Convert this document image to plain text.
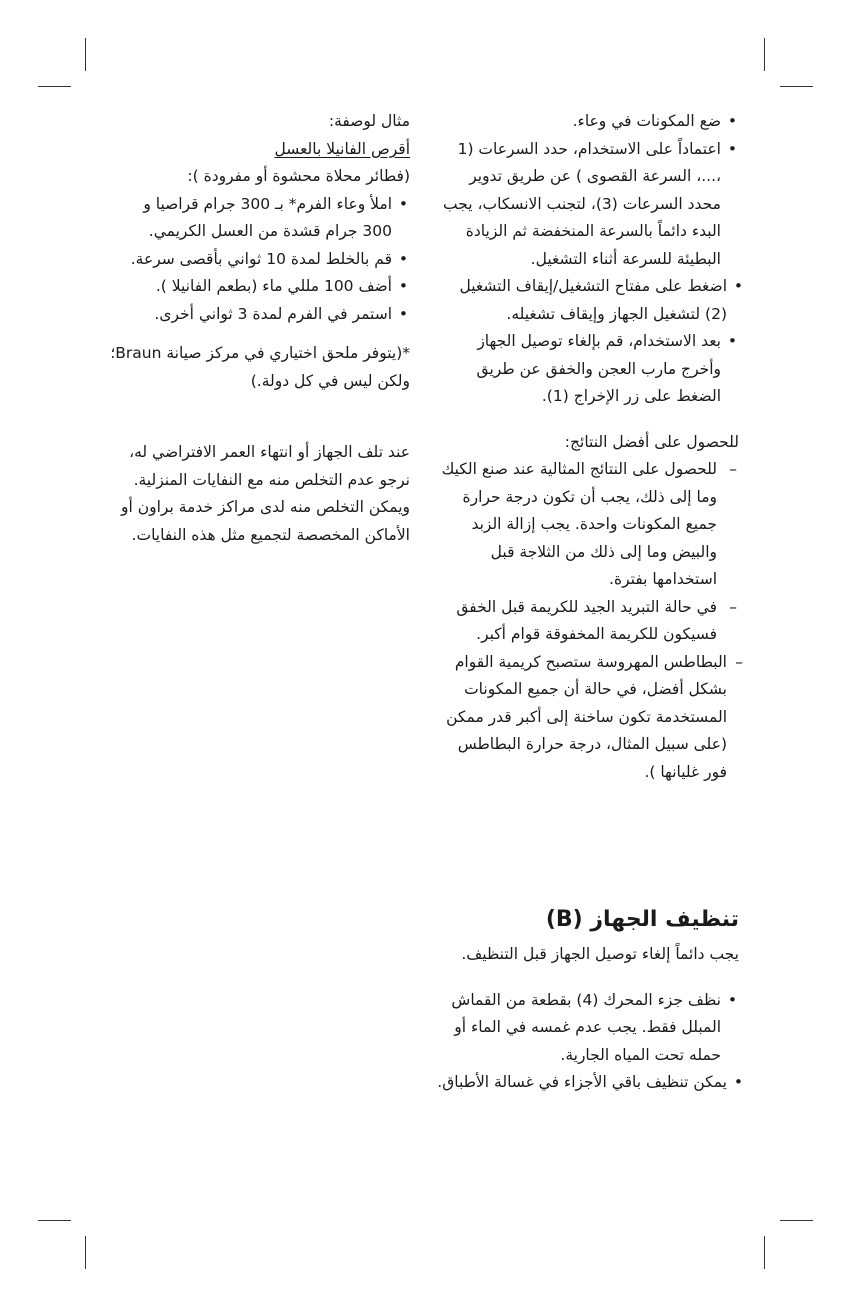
• ضع المكونات في وعاء.
• اعتماداً على الاستخدام، حدد السرعات (1 ،...، السرعة القصوى ) عن طريق تدوير محدد السرعات (3)، لتجنب الانسكاب، يجب البدء دائماً بالسرعة المنخفضة ثم الزيادة البطيئة للسرعة أثناء التشغيل.
• اضغط على مفتاح التشغيل/إيقاف التشغيل (2) لتشغيل الجهاز وإيقاف تشغيله.
• بعد الاستخدام، قم بإلغاء توصيل الجهاز وأخرج مارب العجن والخفق عن طريق الضغط على زر الإخراج (1).

للحصول على أفضل النتائج:

– للحصول على النتائج المثالية عند صنع الكيك وما إلى ذلك، يجب أن تكون درجة حرارة جميع المكونات واحدة. يجب إزالة الزبد والبيض وما إلى ذلك من الثلاجة قبل استخدامها بفترة.
– في حالة التبريد الجيد للكريمة قبل الخفق فسيكون للكريمة المخفوقة قوام أكبر.
– البطاطس المهروسة ستصبح كريمية القوام بشكل أفضل، في حالة أن جميع المكونات المستخدمة تكون ساخنة إلى أكبر قدر ممكن (على سبيل المثال، درجة حرارة البطاطس فور غليانها ).

مثال لوصفة:

أقرص الفانيلا بالعسل

(فطائر محلاة محشوة أو مفرودة ):

• املأ وعاء الفرم* بـ 300 جرام قراصيا و 300 جرام قشدة من العسل الكريمي.
• قم بالخلط لمدة 10 ثواني بأقصى سرعة.
• أضف 100 مللي ماء (بطعم الفانيلا ).
• استمر في الفرم لمدة 3 ثواني أخرى.

*(يتوفر ملحق اختياري في مركز صيانة Braun؛ ولكن ليس في كل دولة.)

عند تلف الجهاز أو انتهاء العمر الافتراضي له، نرجو عدم التخلص منه مع النفايات المنزلية. ويمكن التخلص منه لدى مراكز خدمة براون أو الأماكن المخصصة لتجميع مثل هذه النفايات.

تنظيف الجهاز (B)

يجب دائماً إلغاء توصيل الجهاز قبل التنظيف.

• نظف جزء المحرك (4) بقطعة من القماش المبلل فقط. يجب عدم غمسه في الماء أو حمله تحت المياه الجارية.
• يمكن تنظيف باقي الأجزاء في غسالة الأطباق.
